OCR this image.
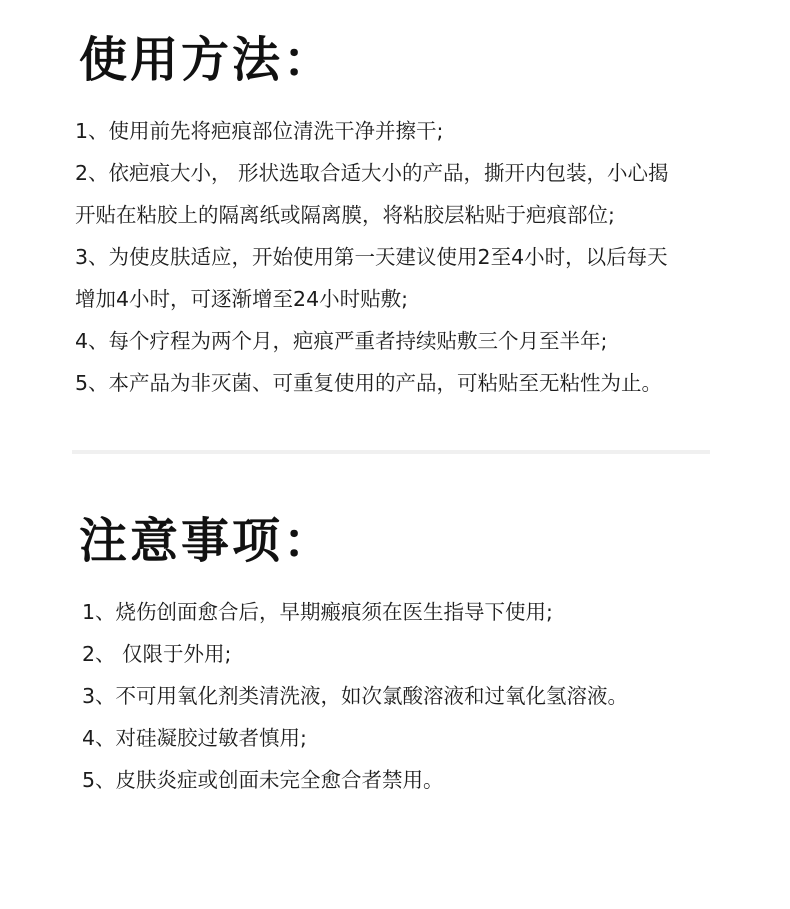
使用方法：
1、使用前先将疤痕部位清洗干净并擦干;
2、依疤痕大小， 形状选取合适大小的产品，撕开内包装，小心揭
开贴在粘胶上的隔离纸或隔离膜，将粘胶层粘贴于疤痕部位;
3、为使皮肤适应，开始使用第一天建议使用2至4小时，以后每天
增加4小时，可逐渐增至24小时贴敷;
4、每个疗程为两个月，疤痕严重者持续贴敷三个月至半年;
5、本产品为非灭菌、可重复使用的产品，可粘贴至无粘性为止。
注意事项：
1、烧伤创面愈合后，早期瘢痕须在医生指导下使用;
2、 仅限于外用;
3、不可用氧化剂类清洗液，如次氯酸溶液和过氧化氢溶液。
4、对硅凝胶过敏者慎用;
5、皮肤炎症或创面未完全愈合者禁用。
